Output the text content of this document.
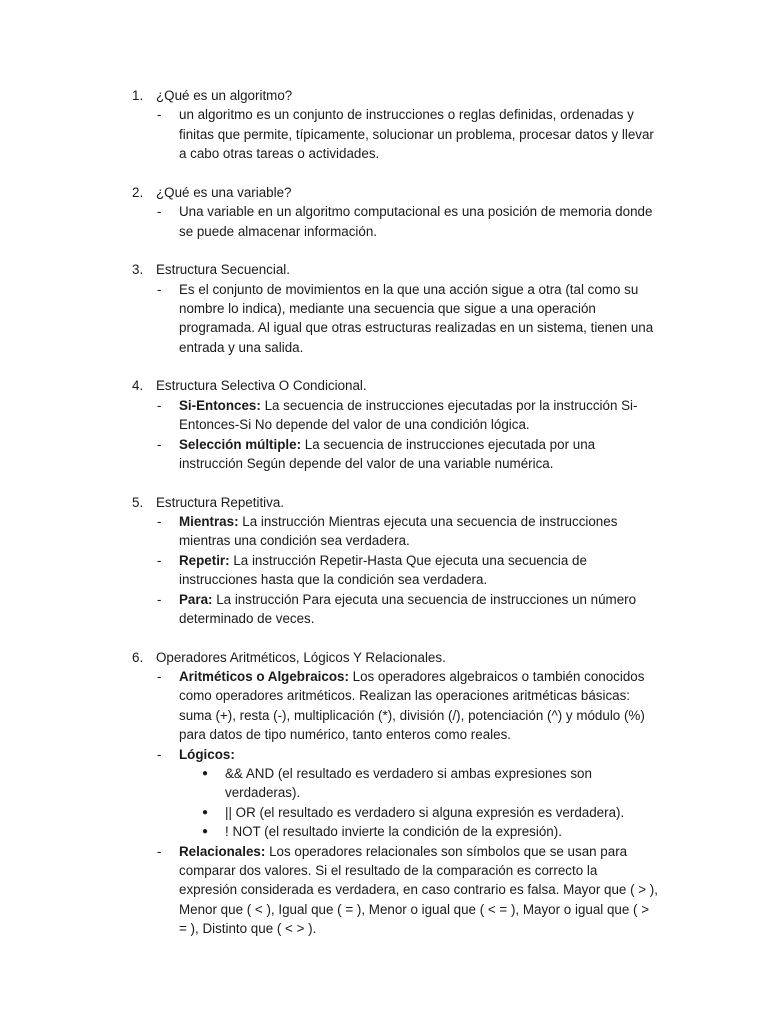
1. ¿Qué es un algoritmo?
- un algoritmo es un conjunto de instrucciones o reglas definidas, ordenadas y finitas que permite, típicamente, solucionar un problema, procesar datos y llevar a cabo otras tareas o actividades.
2. ¿Qué es una variable?
- Una variable en un algoritmo computacional es una posición de memoria donde se puede almacenar información.
3. Estructura Secuencial.
- Es el conjunto de movimientos en la que una acción sigue a otra (tal como su nombre lo indica), mediante una secuencia que sigue a una operación programada. Al igual que otras estructuras realizadas en un sistema, tienen una entrada y una salida.
4. Estructura Selectiva O Condicional.
- Si-Entonces: La secuencia de instrucciones ejecutadas por la instrucción Si-Entonces-Si No depende del valor de una condición lógica.
- Selección múltiple: La secuencia de instrucciones ejecutada por una instrucción Según depende del valor de una variable numérica.
5. Estructura Repetitiva.
- Mientras: La instrucción Mientras ejecuta una secuencia de instrucciones mientras una condición sea verdadera.
- Repetir: La instrucción Repetir-Hasta Que ejecuta una secuencia de instrucciones hasta que la condición sea verdadera.
- Para: La instrucción Para ejecuta una secuencia de instrucciones un número determinado de veces.
6. Operadores Aritméticos, Lógicos Y Relacionales.
- Aritméticos o Algebraicos: Los operadores algebraicos o también conocidos como operadores aritméticos. Realizan las operaciones aritméticas básicas: suma (+), resta (-), multiplicación (*), división (/), potenciación (^) y módulo (%) para datos de tipo numérico, tanto enteros como reales.
- Lógicos:
● && AND (el resultado es verdadero si ambas expresiones son verdaderas).
● || OR (el resultado es verdadero si alguna expresión es verdadera).
● ! NOT (el resultado invierte la condición de la expresión).
- Relacionales: Los operadores relacionales son símbolos que se usan para comparar dos valores. Si el resultado de la comparación es correcto la expresión considerada es verdadera, en caso contrario es falsa. Mayor que ( > ), Menor que ( < ), Igual que ( = ), Menor o igual que ( < = ), Mayor o igual que ( > = ), Distinto que ( < > ).
